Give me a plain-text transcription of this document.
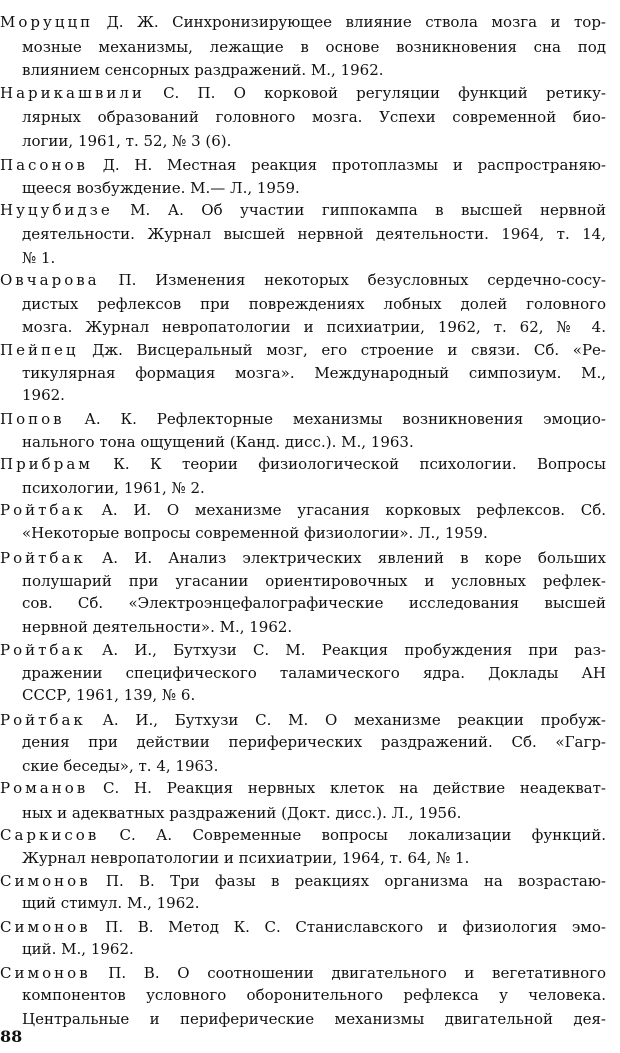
88
Моруццп Д. Ж. Синхронизирующее влияние ствола мозга и тор-
мозные механизмы, лежащие в основе возникновения сна под
влиянием сенсорных раздражений. М., 1962.
Нарикашвили С. П. О корковой регуляции функций ретику-
лярных образований головного мозга. Успехи современной био-
логии, 1961, т. 52, № 3 (6).
Пасонов Д. Н. Местная реакция протоплазмы и распространяю-
щееся возбуждение. М.— Л., 1959.
Нуцубидзе М. А. Об участии гиппокампа в высшей нервной
деятельности. Журнал высшей нервной деятельности. 1964, т. 14,
№ 1.
Овчарова П. Изменения некоторых безусловных сердечно-сосу-
дистых рефлексов при повреждениях лобных долей головного
мозга. Журнал невропатологии и психиатрии, 1962, т. 62, № 4.
Пейпец Дж. Висцеральный мозг, его строение и связи. Сб. «Ре-
тикулярная формация мозга». Международный симпозиум. М.,
1962.
Попов А. К. Рефлекторные механизмы возникновения эмоцио-
нального тона ощущений (Канд. дисс.). М., 1963.
Прибрам К. К теории физиологической психологии. Вопросы
психологии, 1961, № 2.
Ройтбак А. И. О механизме угасания корковых рефлексов. Сб.
«Некоторые вопросы современной физиологии». Л., 1959.
Ройтбак А. И. Анализ электрических явлений в коре больших
полушарий при угасании ориентировочных и условных рефлек-
сов. Сб. «Электроэнцефалографические исследования высшей
нервной деятельности». М., 1962.
Ройтбак А. И., Бутхузи С. М. Реакция пробуждения при раз-
дражении специфического таламического ядра. Доклады АН
СССР, 1961, 139, № 6.
Ройтбак А. И., Бутхузи С. М. О механизме реакции пробуж-
дения при действии периферических раздражений. Сб. «Гагр-
ские беседы», т. 4, 1963.
Романов С. Н. Реакция нервных клеток на действие неадекват-
ных и адекватных раздражений (Докт. дисс.). Л., 1956.
Саркисов С. А. Современные вопросы локализации функций.
Журнал невропатологии и психиатрии, 1964, т. 64, № 1.
Симонов П. В. Три фазы в реакциях организма на возрастаю-
щий стимул. М., 1962.
Симонов П. В. Метод К. С. Станиславского и физиология эмо-
ций. М., 1962.
Симонов П. В. О соотношении двигательного и вегетативного
компонентов условного оборонительного рефлекса у человека.
Центральные и периферические механизмы двигательной дея-
